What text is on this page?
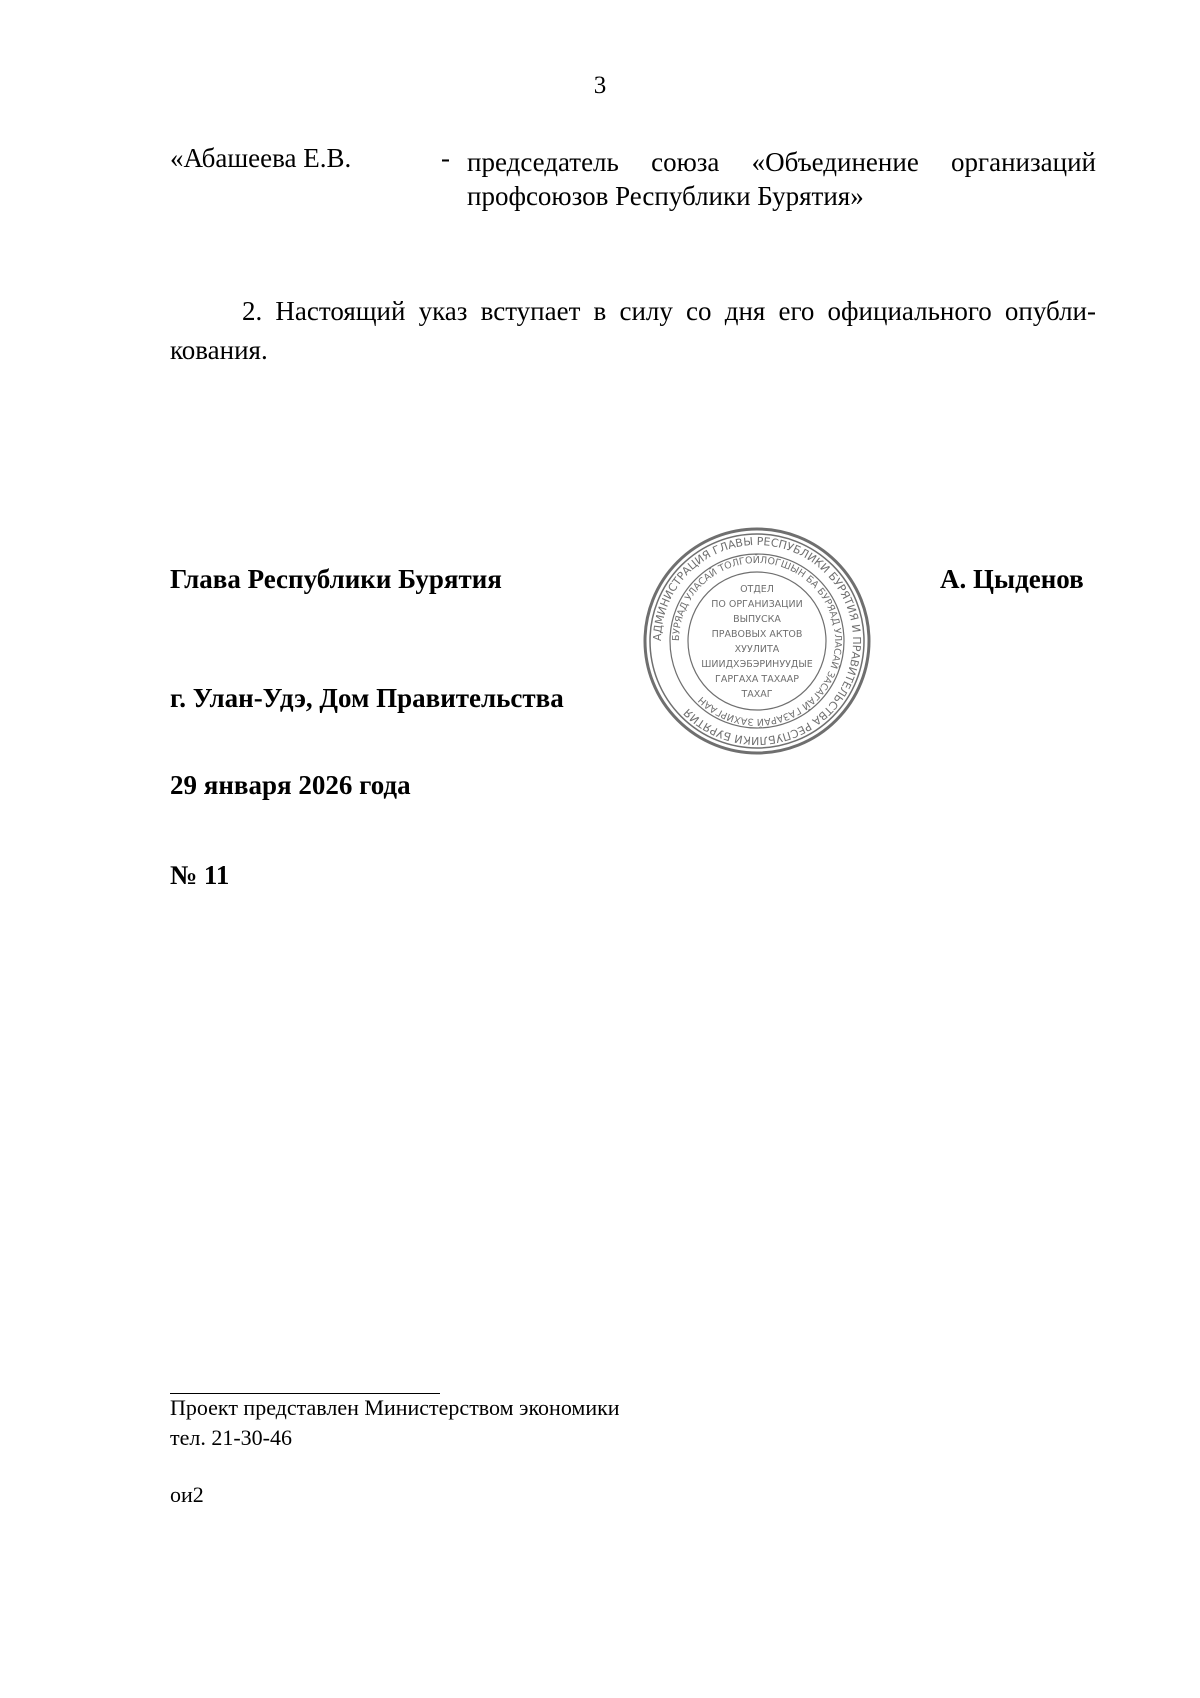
3
«Абашеева Е.В.	- председатель союза «Объединение организаций
профсоюзов Республики Бурятия»
2. Настоящий указ вступает в силу со дня его официального опубли-кования.
Глава Республики Бурятия
АДМИНИСТРАЦИЯ ГЛАВЫ РЕСПУБЛИКИ БУРЯТИЯ И ПРАВИТЕЛЬСТВА РЕСПУБЛИКИ БУРЯТИЯ
БУРЯАД УЛАСАЙ ТОЛГОЙЛОГШЫН БА БУРЯАД УЛАСАЙ ЗАСАГАЙ ГАЗАРАЙ ЗАХИРГААН
ОТДЕЛ
ПО ОРГАНИЗАЦИИ
ВЫПУСКА
ПРАВОВЫХ АКТОВ
ХУУЛИТА
ШИИДХЭБЭРИНУУДЫЕ
ГАРГАХА ТАХААР
ТАХАГ
А. Цыденов
г. Улан-Удэ, Дом Правительства
29 января 2026 года
№ 11
Проект представлен Министерством экономики
тел. 21-30-46
ои2
